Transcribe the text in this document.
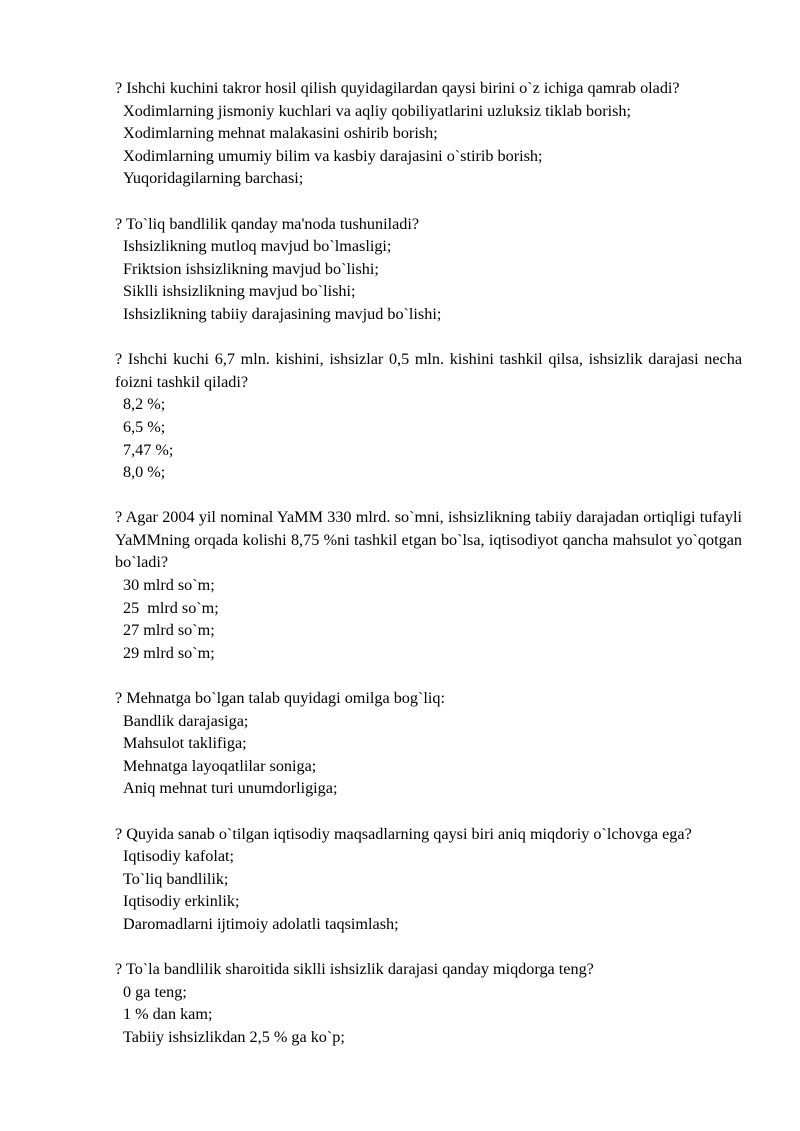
? Ishchi kuchini takror hosil qilish quyidagilardan qaysi birini o`z ichiga qamrab oladi?

Xodimlarning jismoniy kuchlari va aqliy qobiliyatlarini uzluksiz tiklab borish;

Xodimlarning mehnat malakasini oshirib borish;

Xodimlarning umumiy bilim va kasbiy darajasini o`stirib borish;

Yuqoridagilarning barchasi;

? To`liq bandlilik qanday ma'noda tushuniladi?

Ishsizlikning mutloq mavjud bo`lmasligi;

Friktsion ishsizlikning mavjud bo`lishi;

Siklli ishsizlikning mavjud bo`lishi;

Ishsizlikning tabiiy darajasining mavjud bo`lishi;

? Ishchi kuchi 6,7 mln. kishini, ishsizlar 0,5 mln. kishini tashkil qilsa, ishsizlik darajasi necha foizni tashkil qiladi?

8,2 %;

6,5 %;

7,47 %;

8,0 %;

? Agar 2004 yil nominal YaMM 330 mlrd. so`mni, ishsizlikning tabiiy darajadan ortiqligi tufayli YaMMning orqada kolishi 8,75 %ni tashkil etgan bo`lsa, iqtisodiyot qancha mahsulot yo`qotgan bo`ladi?

30 mlrd so`m;

25  mlrd so`m;

27 mlrd so`m;

29 mlrd so`m;

? Mehnatga bo`lgan talab quyidagi omilga bog`liq:

Bandlik darajasiga;

Mahsulot taklifiga;

Mehnatga layoqatlilar soniga;

Aniq mehnat turi unumdorligiga;

? Quyida sanab o`tilgan iqtisodiy maqsadlarning qaysi biri aniq miqdoriy o`lchovga ega?

Iqtisodiy kafolat;

To`liq bandlilik;

Iqtisodiy erkinlik;

Daromadlarni ijtimoiy adolatli taqsimlash;

? To`la bandlilik sharoitida siklli ishsizlik darajasi qanday miqdorga teng?

0 ga teng;

1 % dan kam;

Tabiiy ishsizlikdan 2,5 % ga ko`p;
